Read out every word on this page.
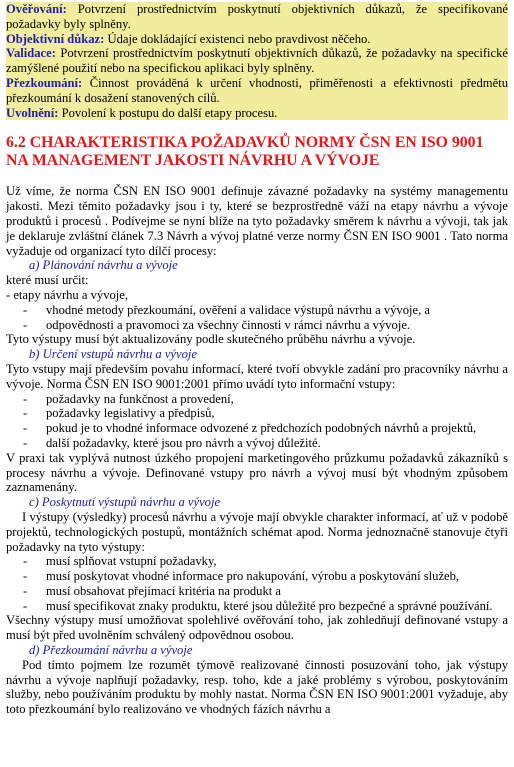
Ověřování: Potvrzení prostřednictvím poskytnutí objektivních důkazů, že specifikované požadavky byly splněny.

Objektivní důkaz: Údaje dokládající existenci nebo pravdivost něčeho.

Validace: Potvrzení prostřednictvím poskytnutí objektivních důkazů, že požadavky na specifické zamýšlené použití nebo na specifickou aplikaci byly splněny.

Přezkoumání: Činnost prováděná k určení vhodnosti, přiměřenosti a efektivnosti předmětu přezkoumání k dosažení stanovených cílů.

Uvolnění: Povolení k postupu do další etapy procesu.

6.2 CHARAKTERISTIKA POŽADAVKŮ NORMY ČSN EN ISO 9001 NA MANAGEMENT JAKOSTI NÁVRHU A VÝVOJE

Už víme, že norma ČSN EN ISO 9001 definuje závazné požadavky na systémy managementu jakosti. Mezi těmito požadavky jsou i ty, které se bezprostředně váží na etapy návrhu a vývoje produktů i procesů . Podívejme se nyní blíže na tyto požadavky směrem k návrhu a vývoji, tak jak je deklaruje zvláštní článek 7.3 Návrh a vývoj platné verze normy ČSN EN ISO 9001 . Tato norma vyžaduje od organizací tyto dílčí procesy:

a) Plánování návrhu a vývoje

které musí určit:

- etapy návrhu a vývoje,

-	vhodné metody přezkoumání, ověření a validace výstupů návrhu a vývoje, a
-	odpovědnosti a pravomoci za všechny činnosti v rámci návrhu a vývoje.

Tyto výstupy musí být aktualizovány podle skutečného průběhu návrhu a vývoje.

b) Určení vstupů návrhu a vývoje

Tyto vstupy mají především povahu informací, které tvoří obvykle zadání pro pracovníky návrhu a vývoje. Norma ČSN EN ISO 9001:2001 přímo uvádí tyto informační vstupy:

-	požadavky na funkčnost a provedení,
-	požadavky legislativy a předpisů,
-	pokud je to vhodné informace odvozené z předchozích podobných návrhů a projektů,
-	další požadavky, které jsou pro návrh a vývoj důležité.

V praxi tak vyplývá nutnost úzkého propojení marketingového průzkumu požadavků zákazníků s procesy návrhu a vývoje. Definované vstupy pro návrh a vývoj musí být vhodným způsobem zaznamenány.

c) Poskytnutí výstupů návrhu a vývoje

I výstupy (výsledky) procesů návrhu a vývoje mají obvykle charakter informací, ať už v podobě projektů, technologických postupů, montážních schémat apod. Norma jednoznačně stanovuje čtyři požadavky na tyto výstupy:

-	musí splňovat vstupní požadavky,
-	musí poskytovat vhodné informace pro nakupování, výrobu a poskytování služeb,
-	musí obsahovat přejímací kritéria na produkt a
-	musí specifikovat znaky produktu, které jsou důležité pro bezpečné a správné používání.

Všechny výstupy musí umožňovat spolehlivé ověřování toho, jak zohledňují definované vstupy a musí být před uvolněním schválený odpovědnou osobou.

d) Přezkoumání návrhu a vývoje

Pod tímto pojmem lze rozumět týmově realizované činnosti posuzování toho, jak výstupy návrhu a vývoje naplňují požadavky, resp. toho, kde a jaké problémy s výrobou, poskytováním služby, nebo používáním produktu by mohly nastat. Norma ČSN EN ISO 9001:2001 vyžaduje, aby toto přezkoumání bylo realizováno ve vhodných fázích návrhu a
